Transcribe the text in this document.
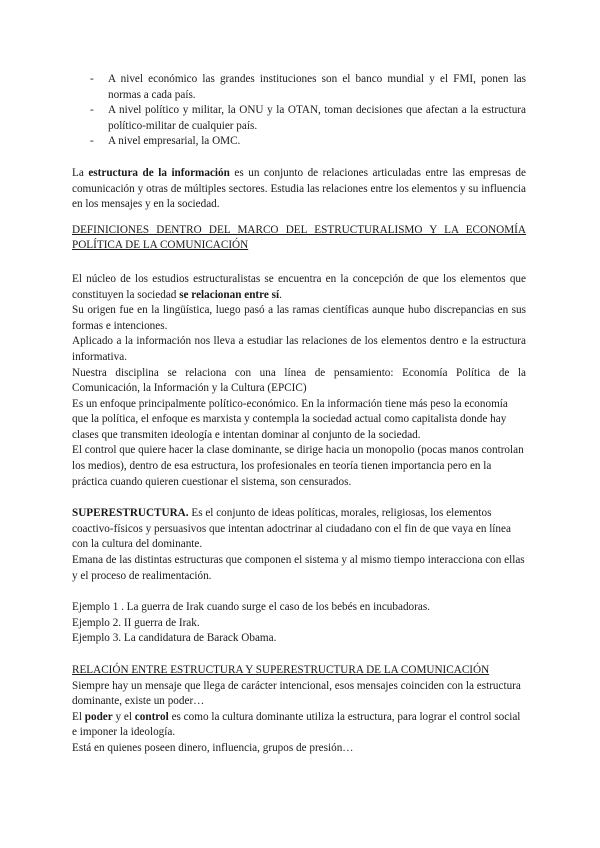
- A nivel económico las grandes instituciones son el banco mundial y el FMI, ponen las normas a cada país.
- A nivel político y militar, la ONU y la OTAN, toman decisiones que afectan a la estructura político-militar de cualquier país.
- A nivel empresarial, la OMC.

La estructura de la información es un conjunto de relaciones articuladas entre las empresas de comunicación y otras de múltiples sectores. Estudia las relaciones entre los elementos y su influencia en los mensajes y en la sociedad.

DEFINICIONES DENTRO DEL MARCO DEL ESTRUCTURALISMO Y LA ECONOMÍA POLÍTICA DE LA COMUNICACIÓN

El núcleo de los estudios estructuralistas se encuentra en la concepción de que los elementos que constituyen la sociedad se relacionan entre sí.

Su origen fue en la lingüística, luego pasó a las ramas científicas aunque hubo discrepancias en sus formas e intenciones.

Aplicado a la información nos lleva a estudiar las relaciones de los elementos dentro e la estructura informativa.

Nuestra disciplina se relaciona con una línea de pensamiento: Economía Política de la Comunicación, la Información y la Cultura (EPCIC)

Es un enfoque principalmente político-económico. En la información tiene más peso la economía que la política, el enfoque es marxista y contempla la sociedad actual como capitalista donde hay clases que transmiten ideología e intentan dominar al conjunto de la sociedad.

El control que quiere hacer la clase dominante, se dirige hacia un monopolio (pocas manos controlan los medios), dentro de esa estructura, los profesionales en teoría tienen importancia pero en la práctica cuando quieren cuestionar el sistema, son censurados.

SUPERESTRUCTURA. Es el conjunto de ideas políticas, morales, religiosas, los elementos coactivo-físicos y persuasivos que intentan adoctrinar al ciudadano con el fin de que vaya en línea con la cultura del dominante.

Emana de las distintas estructuras que componen el sistema y al mismo tiempo interacciona con ellas y el proceso de realimentación.

Ejemplo 1 . La guerra de Irak cuando surge el caso de los bebés en incubadoras.

Ejemplo 2. II guerra de Irak.

Ejemplo 3. La candidatura de Barack Obama.

RELACIÓN ENTRE ESTRUCTURA Y SUPERESTRUCTURA DE LA COMUNICACIÓN

Siempre hay un mensaje que llega de carácter intencional, esos mensajes coinciden con la estructura dominante, existe un poder…

El poder y el control es como la cultura dominante utiliza la estructura, para lograr el control social e imponer la ideología.

Está en quienes poseen dinero, influencia, grupos de presión…
